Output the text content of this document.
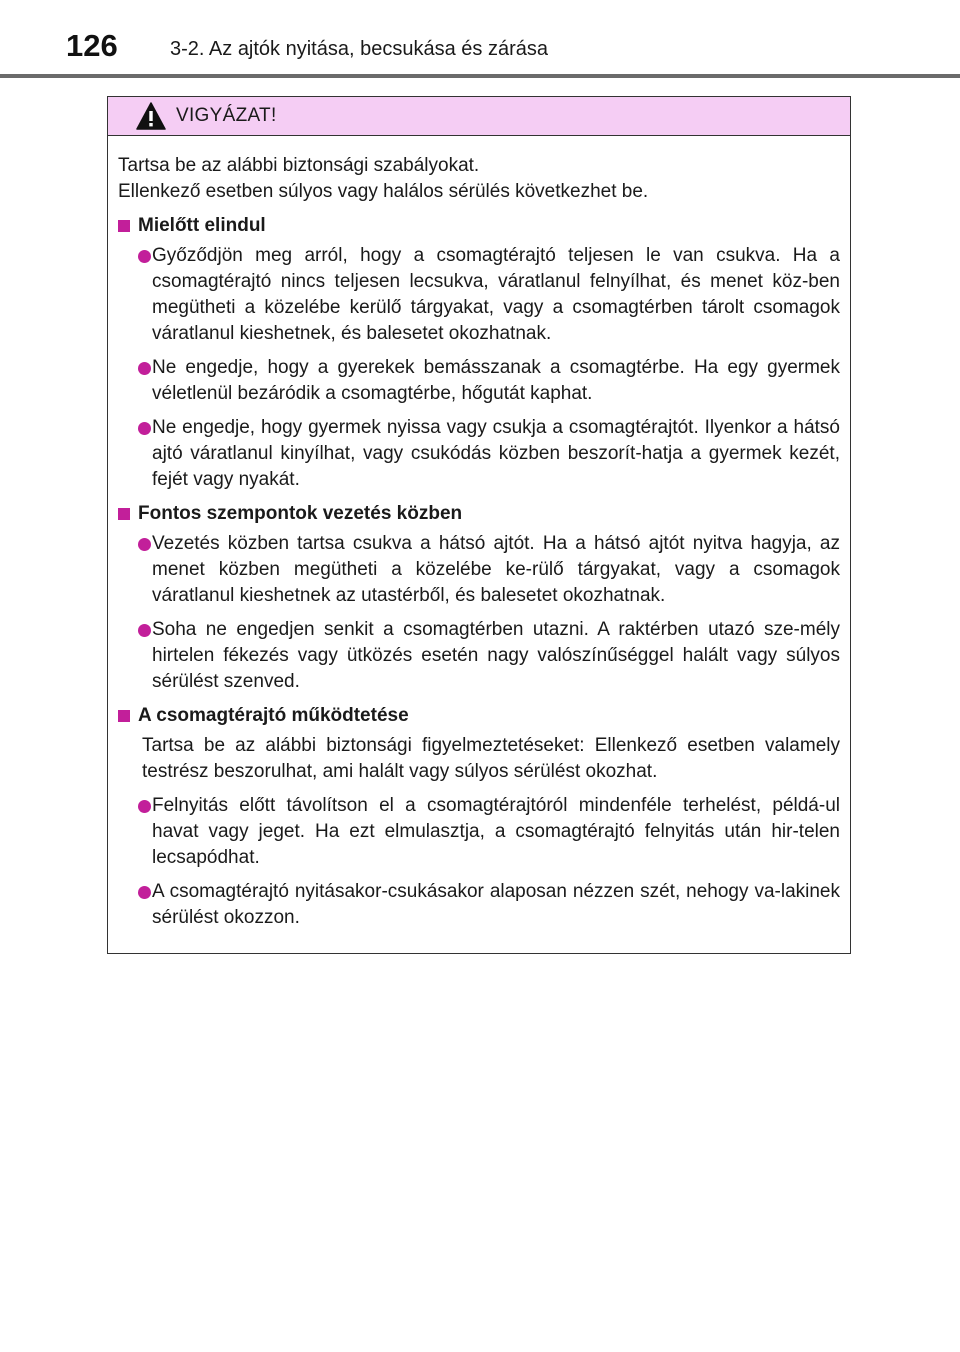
126	3-2. Az ajtók nyitása, becsukása és zárása
VIGYÁZAT!
Tartsa be az alábbi biztonsági szabályokat.
Ellenkező esetben súlyos vagy halálos sérülés következhet be.
Mielőtt elindul
Győződjön meg arról, hogy a csomagtérajtó teljesen le van csukva. Ha a csomagtérajtó nincs teljesen lecsukva, váratlanul felnyílhat, és menet köz-ben megütheti a közelébe kerülő tárgyakat, vagy a csomagtérben tárolt csomagok váratlanul kieshetnek, és balesetet okozhatnak.
Ne engedje, hogy a gyerekek bemásszanak a csomagtérbe. Ha egy gyermek véletlenül bezáródik a csomagtérbe, hőgutát kaphat.
Ne engedje, hogy gyermek nyissa vagy csukja a csomagtérajtót. Ilyenkor a hátsó ajtó váratlanul kinyílhat, vagy csukódás közben beszorít-hatja a gyermek kezét, fejét vagy nyakát.
Fontos szempontok vezetés közben
Vezetés közben tartsa csukva a hátsó ajtót. Ha a hátsó ajtót nyitva hagyja, az menet közben megütheti a közelébe ke-rülő tárgyakat, vagy a csomagok váratlanul kieshetnek az utastérből, és balesetet okozhatnak.
Soha ne engedjen senkit a csomagtérben utazni. A raktérben utazó sze-mély hirtelen fékezés vagy ütközés esetén nagy valószínűséggel halált vagy súlyos sérülést szenved.
A csomagtérajtó működtetése
Tartsa be az alábbi biztonsági figyelmeztetéseket: Ellenkező esetben valamely testrész beszorulhat, ami halált vagy súlyos sérülést okozhat.
Felnyitás előtt távolítson el a csomagtérajtóról mindenféle terhelést, példá-ul havat vagy jeget. Ha ezt elmulasztja, a csomagtérajtó felnyitás után hir-telen lecsapódhat.
A csomagtérajtó nyitásakor-csukásakor alaposan nézzen szét, nehogy va-lakinek sérülést okozzon.
